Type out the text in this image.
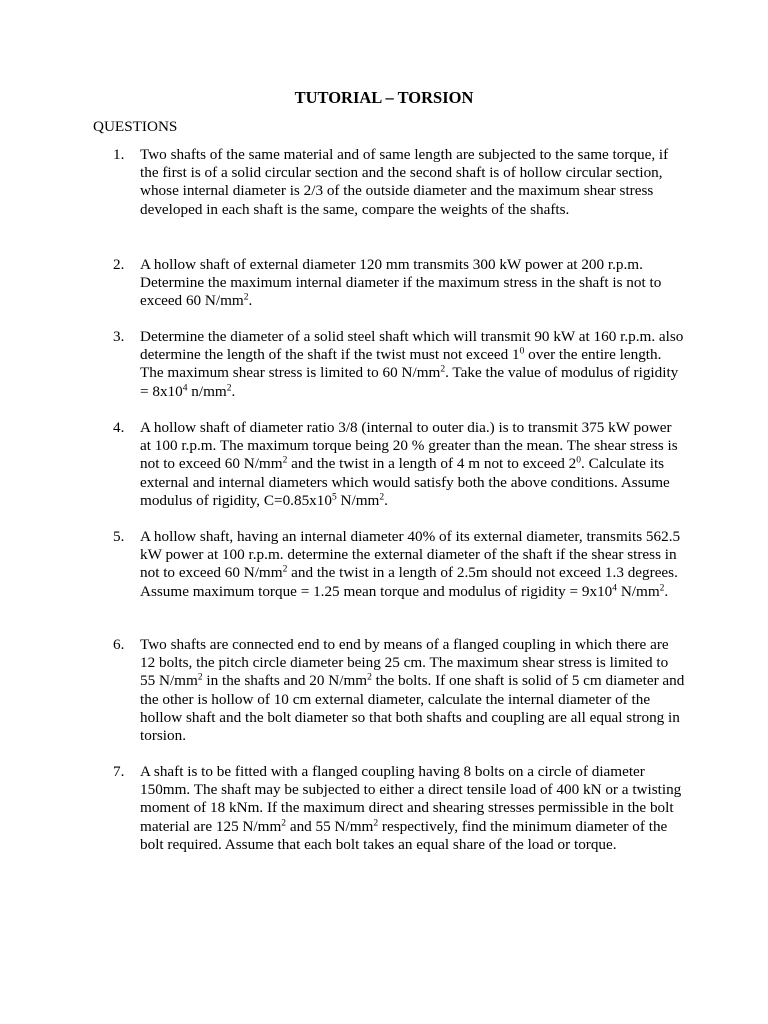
TUTORIAL – TORSION

QUESTIONS

1.	Two shafts of the same material and of same length are subjected to the same torque, if the first is of a solid circular section and the second shaft is of hollow circular section, whose internal diameter is 2/3 of the outside diameter and the maximum shear stress developed in each shaft is the same, compare the weights of the shafts.
2.	A hollow shaft of external diameter 120 mm transmits 300 kW power at 200 r.p.m. Determine the maximum internal diameter if the maximum stress in the shaft is not to exceed 60 $N/mm^2$.
3.	Determine the diameter of a solid steel shaft which will transmit 90 kW at 160 r.p.m. also determine the length of the shaft if the twist must not exceed $1^0$ over the entire length. The maximum shear stress is limited to 60 $N/mm^2$. Take the value of modulus of rigidity = $8x10^4$ $n/mm^2$.
4.	A hollow shaft of diameter ratio 3/8 (internal to outer dia.) is to transmit 375 kW power at 100 r.p.m. The maximum torque being 20 % greater than the mean. The shear stress is not to exceed 60 $N/mm^2$ and the twist in a length of 4 m not to exceed $2^0$. Calculate its external and internal diameters which would satisfy both the above conditions. Assume modulus of rigidity, $C=0.85x10^5$ $N/mm^2$.
5.	A hollow shaft, having an internal diameter 40% of its external diameter, transmits 562.5 kW power at 100 r.p.m. determine the external diameter of the shaft if the shear stress in not to exceed 60 $N/mm^2$ and the twist in a length of 2.5m should not exceed 1.3 degrees. Assume maximum torque = 1.25 mean torque and modulus of rigidity = $9x10^4$ $N/mm^2$.
6.	Two shafts are connected end to end by means of a flanged coupling in which there are 12 bolts, the pitch circle diameter being 25 cm. The maximum shear stress is limited to 55 $N/mm^2$ in the shafts and 20 $N/mm^2$ the bolts. If one shaft is solid of 5 cm diameter and the other is hollow of 10 cm external diameter, calculate the internal diameter of the hollow shaft and the bolt diameter so that both shafts and coupling are all equal strong in torsion.
7.	A shaft is to be fitted with a flanged coupling having 8 bolts on a circle of diameter 150mm. The shaft may be subjected to either a direct tensile load of 400 kN or a twisting moment of 18 kNm. If the maximum direct and shearing stresses permissible in the bolt material are 125 $N/mm^2$ and 55 $N/mm^2$ respectively, find the minimum diameter of the bolt required. Assume that each bolt takes an equal share of the load or torque.
